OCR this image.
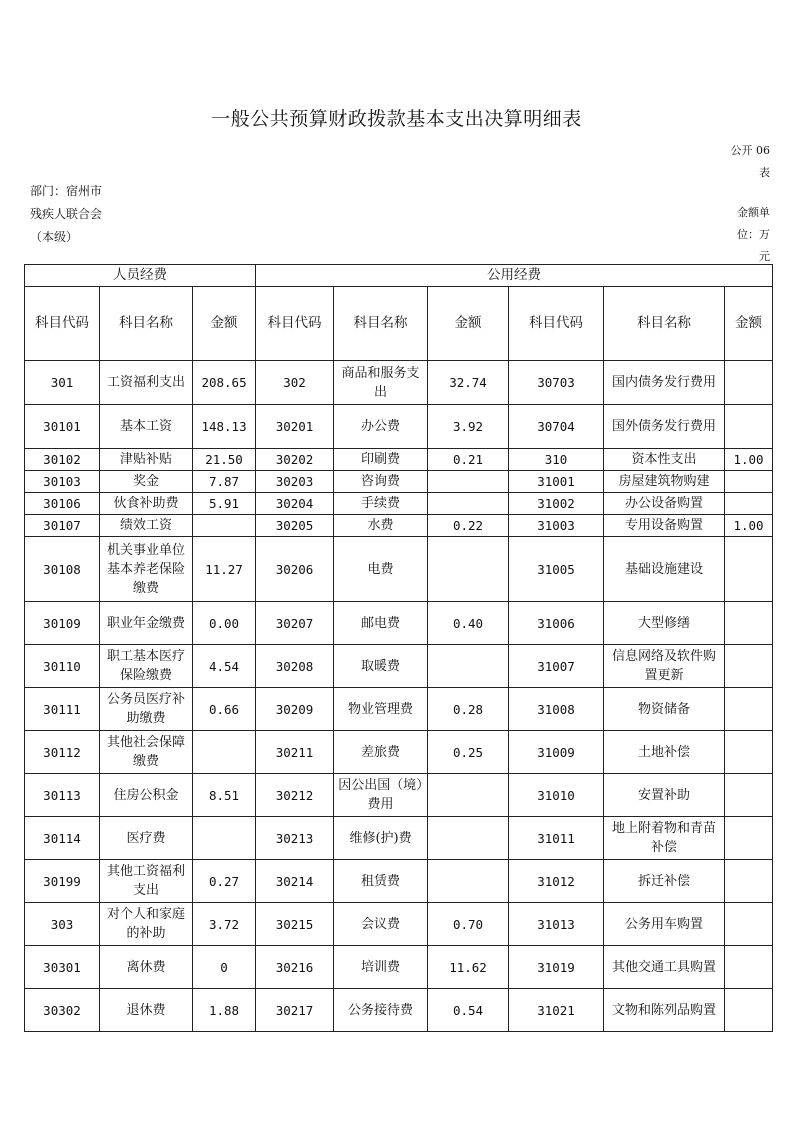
一般公共预算财政拨款基本支出决算明细表
公开 06 表
部门：宿州市残疾人联合会（本级）
金额单位：万元
人员经费			公用经费					
科目代码	科目名称	金额	科目代码	科目名称	金额	科目代码	科目名称	金额
301	工资福利支出	208.65	302	商品和服务支出	32.74	30703	国内债务发行费用	
30101	基本工资	148.13	30201	办公费	3.92	30704	国外债务发行费用	
30102	津贴补贴	21.50	30202	印刷费	0.21	310	资本性支出	1.00
30103	奖金	7.87	30203	咨询费		31001	房屋建筑物购建	
30106	伙食补助费	5.91	30204	手续费		31002	办公设备购置	
30107	绩效工资		30205	水费	0.22	31003	专用设备购置	1.00
30108	机关事业单位基本养老保险缴费	11.27	30206	电费		31005	基础设施建设	
30109	职业年金缴费	0.00	30207	邮电费	0.40	31006	大型修缮	
30110	职工基本医疗保险缴费	4.54	30208	取暖费		31007	信息网络及软件购置更新	
30111	公务员医疗补助缴费	0.66	30209	物业管理费	0.28	31008	物资储备	
30112	其他社会保障缴费		30211	差旅费	0.25	31009	土地补偿	
30113	住房公积金	8.51	30212	因公出国（境）费用		31010	安置补助	
30114	医疗费		30213	维修(护)费		31011	地上附着物和青苗补偿	
30199	其他工资福利支出	0.27	30214	租赁费		31012	拆迁补偿	
303	对个人和家庭的补助	3.72	30215	会议费	0.70	31013	公务用车购置	
30301	离休费	0	30216	培训费	11.62	31019	其他交通工具购置	
30302	退休费	1.88	30217	公务接待费	0.54	31021	文物和陈列品购置	
